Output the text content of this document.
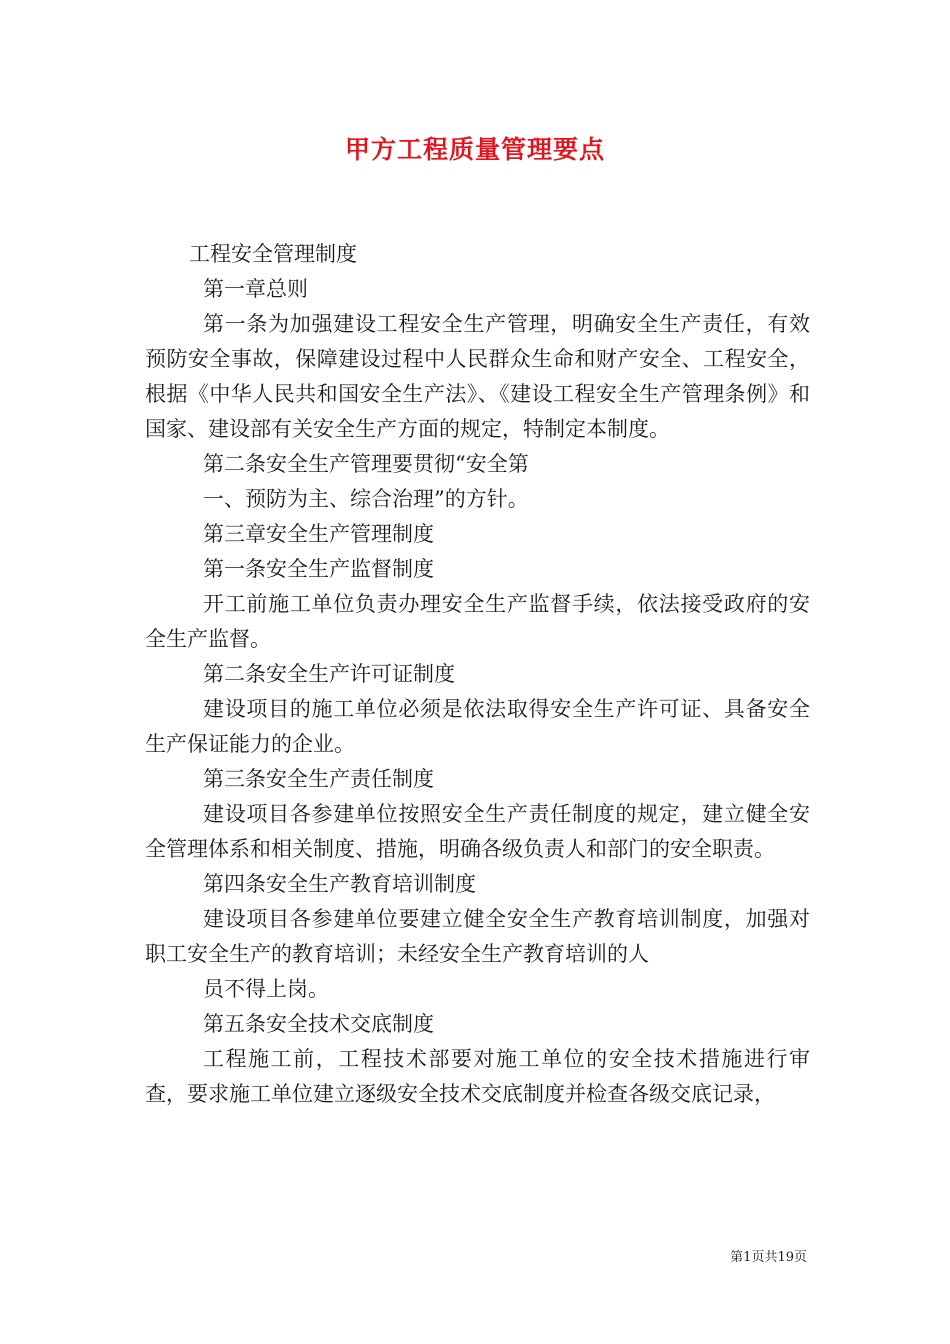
甲方工程质量管理要点

工程安全管理制度

第一章总则

第一条为加强建设工程安全生产管理，明确安全生产责任，有效预防安全事故，保障建设过程中人民群众生命和财产安全、工程安全，根据《中华人民共和国安全生产法》、《建设工程安全生产管理条例》和国家、建设部有关安全生产方面的规定，特制定本制度。

第二条安全生产管理要贯彻“安全第

一、预防为主、综合治理”的方针。

第三章安全生产管理制度

第一条安全生产监督制度

开工前施工单位负责办理安全生产监督手续，依法接受政府的安全生产监督。

第二条安全生产许可证制度

建设项目的施工单位必须是依法取得安全生产许可证、具备安全生产保证能力的企业。

第三条安全生产责任制度

建设项目各参建单位按照安全生产责任制度的规定，建立健全安全管理体系和相关制度、措施，明确各级负责人和部门的安全职责。

第四条安全生产教育培训制度

建设项目各参建单位要建立健全安全生产教育培训制度，加强对职工安全生产的教育培训；未经安全生产教育培训的人

员不得上岗。

第五条安全技术交底制度

工程施工前，工程技术部要对施工单位的安全技术措施进行审查，要求施工单位建立逐级安全技术交底制度并检查各级交底记录，

第1页共19页
